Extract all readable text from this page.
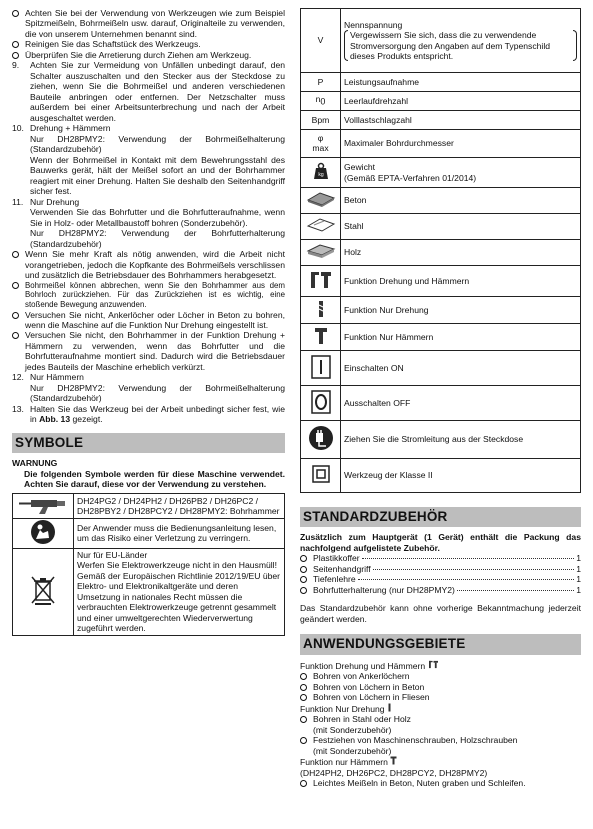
Achten Sie bei der Verwendung von Werkzeugen wie zum Beispiel Spitzmeißeln, Bohrmeißeln usw. darauf, Originalteile zu verwenden, die von unserem Unternehmen benannt sind.
Reinigen Sie das Schaftstück des Werkzeugs.
Überprüfen Sie die Arretierung durch Ziehen am Werkzeug.
9.	Achten Sie zur Vermeidung von Unfällen unbedingt darauf, den Schalter auszuschalten und den Stecker aus der Steckdose zu ziehen, wenn Sie die Bohrmeißel und anderen verschiedenen Bauteile anbringen oder entfernen. Der Netzschalter muss außerdem bei einer Arbeitsunterbrechung und nach der Arbeit ausgeschaltet werden.
10. Drehung + Hämmern
Nur DH28PMY2: Verwendung der Bohrmeißelhalterung (Standardzubehör)
Wenn der Bohrmeißel in Kontakt mit dem Bewehrungsstahl des Bauwerks gerät, hält der Meißel sofort an und der Bohrhammer reagiert mit einer Drehung. Halten Sie deshalb den Seitenhandgriff sicher fest.
11. Nur Drehung
Verwenden Sie das Bohrfutter und die Bohrfutteraufnahme, wenn Sie in Holz- oder Metallbaustoff bohren (Sonderzubehör).
Nur DH28PMY2: Verwendung der Bohrfutterhalterung (Standardzubehör)
Wenn Sie mehr Kraft als nötig anwenden, wird die Arbeit nicht vorangetrieben, jedoch die Kopfkante des Bohrmeißels verschlissen und zusätzlich die Betriebsdauer des Bohrhammers herabgesetzt.
Bohrmeißel können abbrechen, wenn Sie den Bohrhammer aus dem Bohrloch zurückziehen. Für das Zurückziehen ist es wichtig, eine stoßende Bewegung anzuwenden.
Versuchen Sie nicht, Ankerlöcher oder Löcher in Beton zu bohren, wenn die Maschine auf die Funktion Nur Drehung eingestellt ist.
Versuchen Sie nicht, den Bohrhammer in der Funktion Drehung + Hämmern zu verwenden, wenn das Bohrfutter und die Bohrfutteraufnahme montiert sind. Dadurch wird die Betriebsdauer jedes Bauteils der Maschine erheblich verkürzt.
12. Nur Hämmern
Nur DH28PMY2: Verwendung der Bohrmeißelhalterung (Standardzubehör)
13. Halten Sie das Werkzeug bei der Arbeit unbedingt sicher fest, wie in Abb. 13 gezeigt.
SYMBOLE
WARNUNG
Die folgenden Symbole werden für diese Maschine verwendet. Achten Sie darauf, diese vor der Verwendung zu verstehen.
	DH24PG2 / DH24PH2 / DH26PB2 / DH26PC2 / DH28PBY2 / DH28PCY2 / DH28PMY2: Bohrhammer
	Der Anwender muss die Bedienungsanleitung lesen, um das Risiko einer Verletzung zu verringern.
	Nur für EU-Länder
Werfen Sie Elektrowerkzeuge nicht in den Hausmüll!
Gemäß der Europäischen Richtlinie 2012/19/EU über Elektro- und Elektronikaltgeräte und deren Umsetzung in nationales Recht müssen die verbrauchten Elektrowerkzeuge getrennt gesammelt und einer umweltgerechten Wiederverwertung zugeführt werden.
V	Nennspannung
Vergewissern Sie sich, dass die zu verwendende Stromversorgung den Angaben auf dem Typenschild dieses Produkts entspricht.

P	Leistungsaufnahme
$n_0$	Leerlaufdrehzahl
Bpm	Volllastschlagzahl
φ
max	Maximaler Bohrdurchmesser

kg	Gewicht
(Gemäß EPTA-Verfahren 01/2014)
	Beton
	Stahl
	Holz
	Funktion Drehung und Hämmern
	Funktion Nur Drehung
	Funktion Nur Hämmern
	Einschalten ON
	Ausschalten OFF
	Ziehen Sie die Stromleitung aus der Steckdose
	Werkzeug der Klasse II
STANDARDZUBEHÖR
Zusätzlich zum Hauptgerät (1 Gerät) enthält die Packung das nachfolgend aufgelistete Zubehör.
Plastikkoffer	1
Seitenhandgriff	1
Tiefenlehre	1
Bohrfutterhalterung (nur DH28PMY2)	1
Das Standardzubehör kann ohne vorherige Bekanntmachung jederzeit geändert werden.
ANWENDUNGSGEBIETE
Funktion Drehung und Hämmern
Bohren von Ankerlöchern
Bohren von Löchern in Beton
Bohren von Löchern in Fliesen
Funktion Nur Drehung
Bohren in Stahl oder Holz
(mit Sonderzubehör)
Festziehen von Maschinenschrauben, Holzschrauben
(mit Sonderzubehör)
Funktion nur Hämmern
(DH24PH2, DH26PC2, DH28PCY2, DH28PMY2)
Leichtes Meißeln in Beton, Nuten graben und Schleifen.
